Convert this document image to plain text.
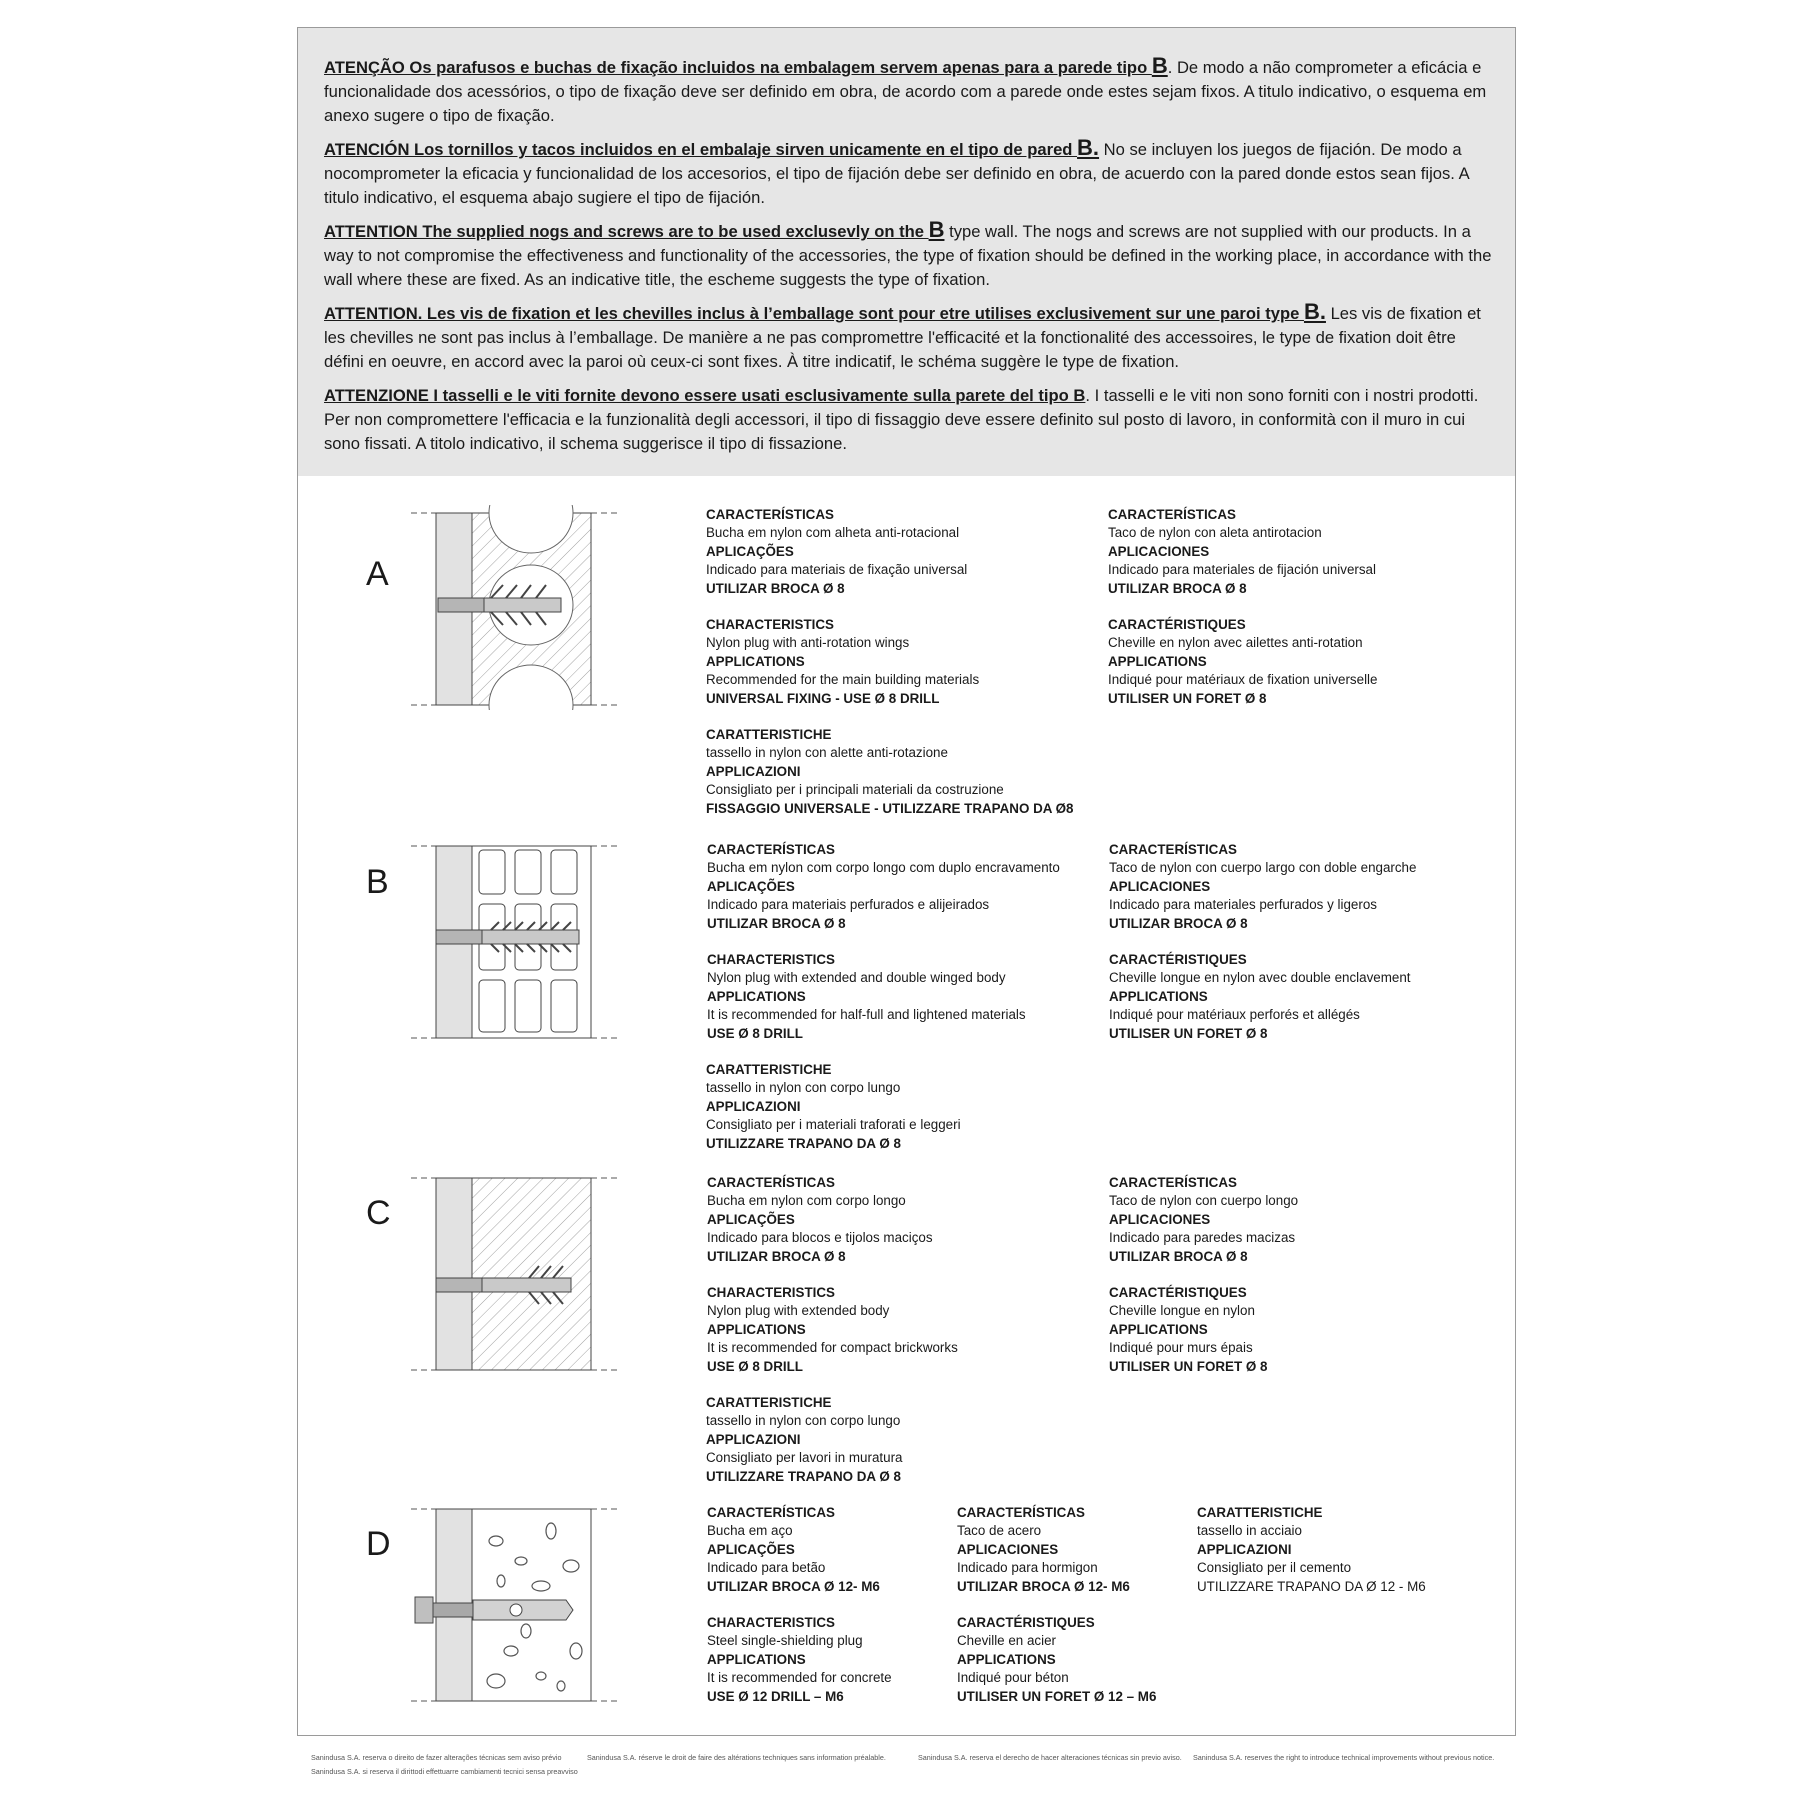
ATENÇÃO Os parafusos e buchas de fixação incluidos na embalagem servem apenas para a parede tipo B. De modo a não comprometer a eficácia e funcionalidade dos acessórios, o tipo de fixação deve ser definido em obra, de acordo com a parede onde estes sejam fixos. A titulo indicativo, o esquema em anexo sugere o tipo de fixação.

ATENCIÓN Los tornillos y tacos incluidos en el embalaje sirven unicamente en el tipo de pared B. No se incluyen los juegos de fijación. De modo a nocomprometer la eficacia y funcionalidad de los accesorios, el tipo de fijación debe ser definido en obra, de acuerdo con la pared donde estos sean fijos. A titulo indicativo, el esquema abajo sugiere el tipo de fijación.

ATTENTION The supplied nogs and screws are to be used exclusevly on the B type wall. The nogs and screws are not supplied with our products. In a way to not compromise the effectiveness and functionality of the accessories, the type of fixation should be defined in the working place, in accordance with the wall where these are fixed. As an indicative title, the escheme suggests the type of fixation.

ATTENTION. Les vis de fixation et les chevilles inclus à l’emballage sont pour etre utilises exclusivement sur une paroi type B. Les vis de fixation et les chevilles ne sont pas inclus à l’emballage. De manière a ne pas compromettre l'efficacité et la fonctionalité des accessoires, le type de fixation doit être défini en oeuvre, en accord avec la paroi où ceux-ci sont fixes. À titre indicatif, le schéma suggère le type de fixation.

ATTENZIONE I tasselli e le viti fornite devono essere usati esclusivamente sulla parete del tipo B. I tasselli e le viti non sono forniti con i nostri prodotti. Per non compromettere l'efficacia e la funzionalità degli accessori, il tipo di fissaggio deve essere definito sul posto di lavoro, in conformità con il muro in cui sono fissati. A titolo indicativo, il schema suggerisce il tipo di fissazione.

A
CARACTERÍSTICAS
Bucha em nylon com alheta anti-rotacional
APLICAÇÕES
Indicado para materiais de fixação universal
UTILIZAR BROCA Ø 8
CARACTERÍSTICAS
Taco de nylon con aleta antirotacion
APLICACIONES
Indicado para materiales de fijación universal
UTILIZAR BROCA Ø 8
CHARACTERISTICS
Nylon plug with anti-rotation wings
APPLICATIONS
Recommended for the main building materials
UNIVERSAL FIXING - USE Ø 8 DRILL
CARACTÉRISTIQUES
Cheville en nylon avec ailettes anti-rotation
APPLICATIONS
Indiqué pour matériaux de fixation universelle
UTILISER UN FORET Ø 8
CARATTERISTICHE
tassello in nylon con alette anti-rotazione
APPLICAZIONI
Consigliato per i principali materiali da costruzione
FISSAGGIO UNIVERSALE - UTILIZZARE TRAPANO DA Ø8
B
CARACTERÍSTICAS
Bucha em nylon com corpo longo com duplo encravamento
APLICAÇÕES
Indicado para materiais perfurados e alijeirados
UTILIZAR BROCA Ø 8
CARACTERÍSTICAS
Taco de nylon con cuerpo largo con doble engarche
APLICACIONES
Indicado para materiales perfurados y ligeros
UTILIZAR BROCA Ø 8
CHARACTERISTICS
Nylon plug with extended and double winged body
APPLICATIONS
It is recommended for half-full and lightened materials
USE Ø 8 DRILL
CARACTÉRISTIQUES
Cheville longue en nylon avec double enclavement
APPLICATIONS
Indiqué pour matériaux perforés et allégés
UTILISER UN FORET Ø 8
CARATTERISTICHE
tassello in nylon con corpo lungo
APPLICAZIONI
Consigliato per i materiali traforati e leggeri
UTILIZZARE TRAPANO DA Ø 8
C
CARACTERÍSTICAS
Bucha em nylon com corpo longo
APLICAÇÕES
Indicado para blocos e tijolos maciços
UTILIZAR BROCA Ø 8
CARACTERÍSTICAS
Taco de nylon con cuerpo longo
APLICACIONES
Indicado para paredes macizas
UTILIZAR BROCA Ø 8
CHARACTERISTICS
Nylon plug with extended body
APPLICATIONS
It is recommended for compact brickworks
USE Ø 8 DRILL
CARACTÉRISTIQUES
Cheville longue en nylon
APPLICATIONS
Indiqué pour murs épais
UTILISER UN FORET Ø 8
CARATTERISTICHE
tassello in nylon con corpo lungo
APPLICAZIONI
Consigliato per lavori in muratura
UTILIZZARE TRAPANO DA Ø 8
D
CARACTERÍSTICAS
Bucha em aço
APLICAÇÕES
Indicado para betão
UTILIZAR BROCA Ø 12- M6
CARACTERÍSTICAS
Taco de acero
APLICACIONES
Indicado para hormigon
UTILIZAR BROCA Ø 12- M6
CARATTERISTICHE
tassello in acciaio
APPLICAZIONI
Consigliato per il cemento
UTILIZZARE TRAPANO DA Ø 12 - M6
CHARACTERISTICS
Steel single-shielding plug
APPLICATIONS
It is recommended for concrete
USE Ø 12 DRILL – M6
CARACTÉRISTIQUES
Cheville en acier
APPLICATIONS
Indiqué pour béton
UTILISER UN FORET Ø 12 – M6
Sanindusa S.A. reserva o direito de fazer alterações técnicas sem aviso prévio	Sanindusa S.A. réserve le droit de faire des altérations techniques sans information préalable.	Sanindusa S.A. reserva el derecho de hacer alteraciones técnicas sin previo aviso. Sanindusa S.A. reserves the right to introduce technical improvements without previous notice.
Sanindusa S.A. si reserva il dirittodi effettuarre cambiamenti tecnici sensa preavviso
